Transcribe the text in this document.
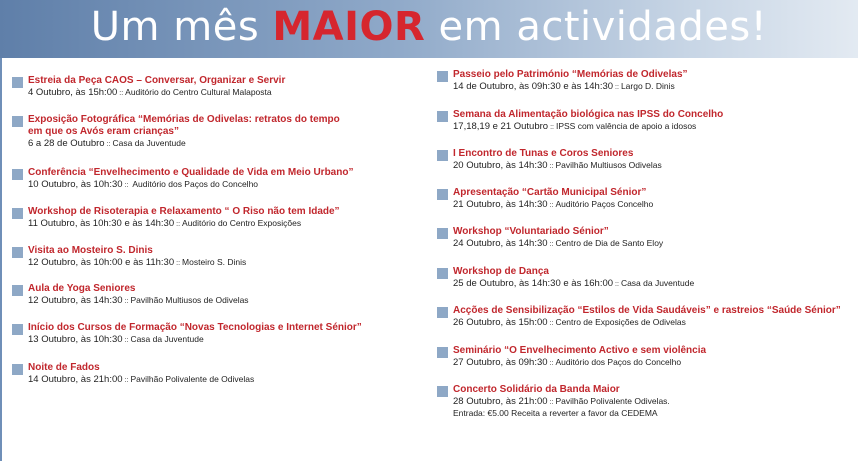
Um mês MAIOR em actividades!
Estreia da Peça CAOS – Conversar, Organizar e Servir
4 Outubro, às 15h:00 :: Auditório do Centro Cultural Malaposta
Exposição Fotográfica “Memórias de Odivelas: retratos do tempo
em que os Avós eram crianças”
6 a 28 de Outubro :: Casa da Juventude
Conferência “Envelhecimento e Qualidade de Vida em Meio Urbano”
10 Outubro, às 10h:30 :: Auditório dos Paços do Concelho
Workshop de Risoterapia e Relaxamento “ O Riso não tem Idade”
11 Outubro, às 10h:30 e às 14h:30 :: Auditório do Centro Exposições
Visita ao Mosteiro S. Dinis
12 Outubro, às 10h:00 e às 11h:30 :: Mosteiro S. Dinis
Aula de Yoga Seniores
12 Outubro, às 14h:30 :: Pavilhão Multiusos de Odivelas
Início dos Cursos de Formação “Novas Tecnologias e Internet Sénior”
13 Outubro, às 10h:30 :: Casa da Juventude
Noite de Fados
14 Outubro, às 21h:00 :: Pavilhão Polivalente de Odivelas
Passeio pelo Património “Memórias de Odivelas”
14 de Outubro, às 09h:30 e às 14h:30 :: Largo D. Dinis
Semana da Alimentação biológica nas IPSS do Concelho
17,18,19 e 21 Outubro :: IPSS com valência de apoio a idosos
I Encontro de Tunas e Coros Seniores
20 Outubro, às 14h:30 :: Pavilhão Multiusos Odivelas
Apresentação “Cartão Municipal Sénior”
21 Outubro, às 14h:30 :: Auditório Paços Concelho
Workshop “Voluntariado Sénior”
24 Outubro, às 14h:30 :: Centro de Dia de Santo Eloy
Workshop de Dança
25 de Outubro, às 14h:30 e às 16h:00 :: Casa da Juventude
Acções de Sensibilização “Estilos de Vida Saudáveis” e rastreios “Saúde Sénior”
26 Outubro, às 15h:00 :: Centro de Exposições de Odivelas
Seminário “O Envelhecimento Activo e sem violência
27 Outubro, às 09h:30 :: Auditório dos Paços do Concelho
Concerto Solidário da Banda Maior
28 Outubro, às 21h:00 :: Pavilhão Polivalente Odivelas.
Entrada: €5.00 Receita a reverter a favor da CEDEMA
